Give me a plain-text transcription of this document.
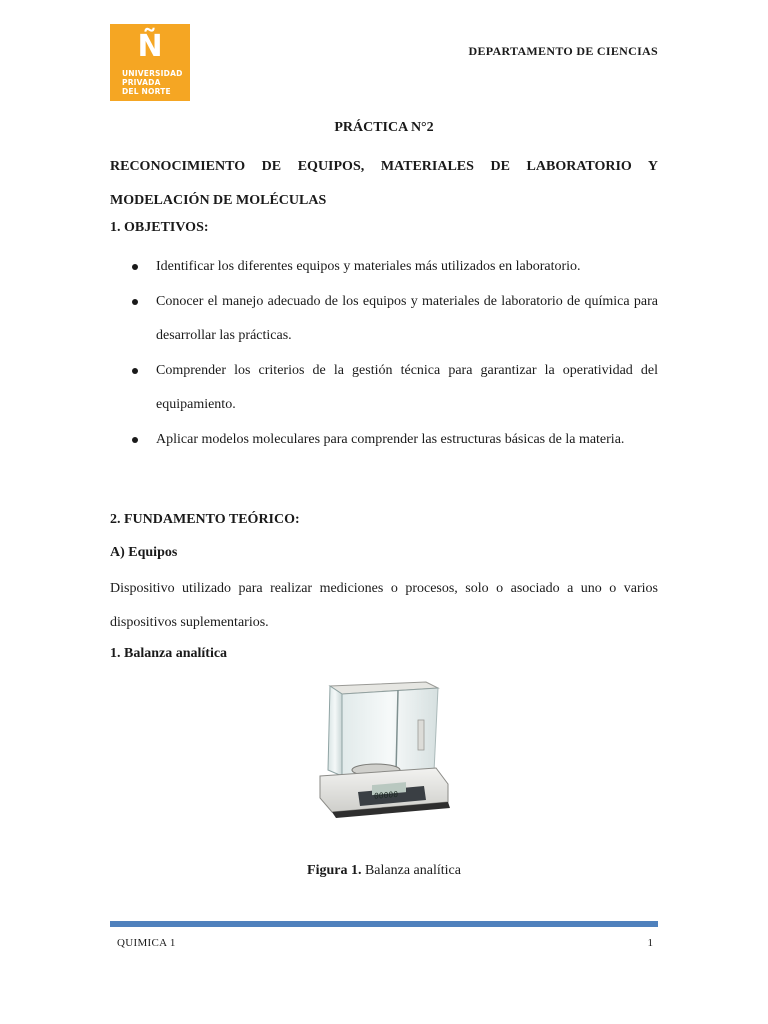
Ñ
UNIVERSIDAD
PRIVADA
DEL NORTE
DEPARTAMENTO DE CIENCIAS
PRÁCTICA N°2
RECONOCIMIENTO DE EQUIPOS, MATERIALES DE LABORATORIO Y MODELACIÓN DE MOLÉCULAS
1. OBJETIVOS:
Identificar los diferentes equipos y materiales más utilizados en laboratorio.
Conocer el manejo adecuado de los equipos y materiales de laboratorio de química para desarrollar las prácticas.
Comprender los criterios de la gestión técnica para garantizar la operatividad del equipamiento.
Aplicar modelos moleculares para comprender las estructuras básicas de la materia.
2. FUNDAMENTO TEÓRICO:
A) Equipos
Dispositivo utilizado para realizar mediciones o procesos, solo o asociado a uno o varios dispositivos suplementarios.
1. Balanza analítica
00000
Figura 1. Balanza analítica
QUIMICA 1	1
